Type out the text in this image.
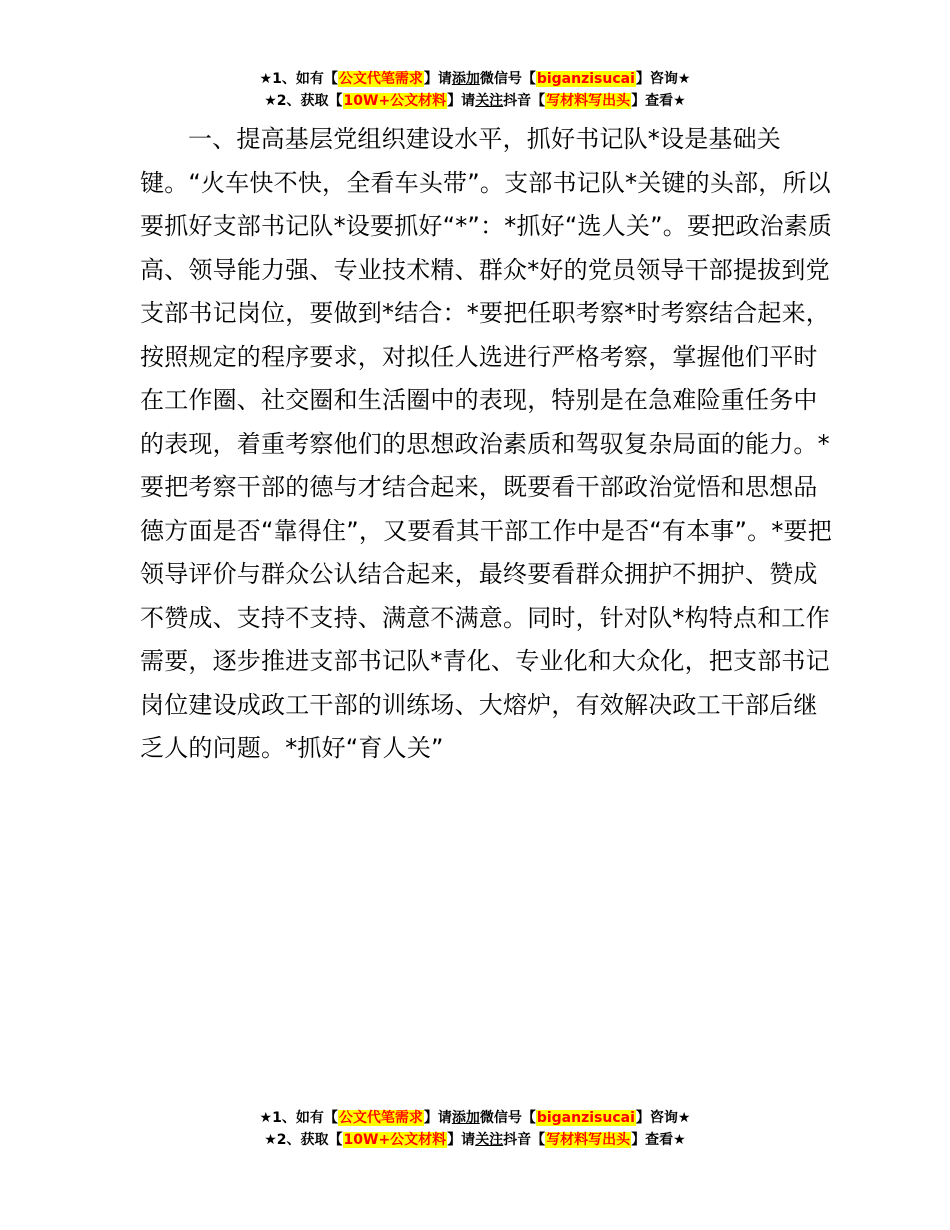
★1、如有【公文代笔需求】请添加微信号【biganzisucai】咨询★
★2、获取【10W+公文材料】请关注抖音【写材料写出头】查看★

一、提高基层党组织建设水平，抓好书记队*设是基础关键。“火车快不快，全看车头带”。支部书记队*关键的头部，所以要抓好支部书记队*设要抓好“*”：*抓好“选人关”。要把政治素质高、领导能力强、专业技术精、群众*好的党员领导干部提拔到党支部书记岗位，要做到*结合：*要把任职考察*时考察结合起来，按照规定的程序要求，对拟任人选进行严格考察，掌握他们平时在工作圈、社交圈和生活圈中的表现，特别是在急难险重任务中的表现，着重考察他们的思想政治素质和驾驭复杂局面的能力。*要把考察干部的德与才结合起来，既要看干部政治觉悟和思想品德方面是否“靠得住”，又要看其干部工作中是否“有本事”。*要把领导评价与群众公认结合起来，最终要看群众拥护不拥护、赞成不赞成、支持不支持、满意不满意。同时，针对队*构特点和工作需要，逐步推进支部书记队*青化、专业化和大众化，把支部书记岗位建设成政工干部的训练场、大熔炉，有效解决政工干部后继乏人的问题。*抓好“育人关”

★1、如有【公文代笔需求】请添加微信号【biganzisucai】咨询★
★2、获取【10W+公文材料】请关注抖音【写材料写出头】查看★
